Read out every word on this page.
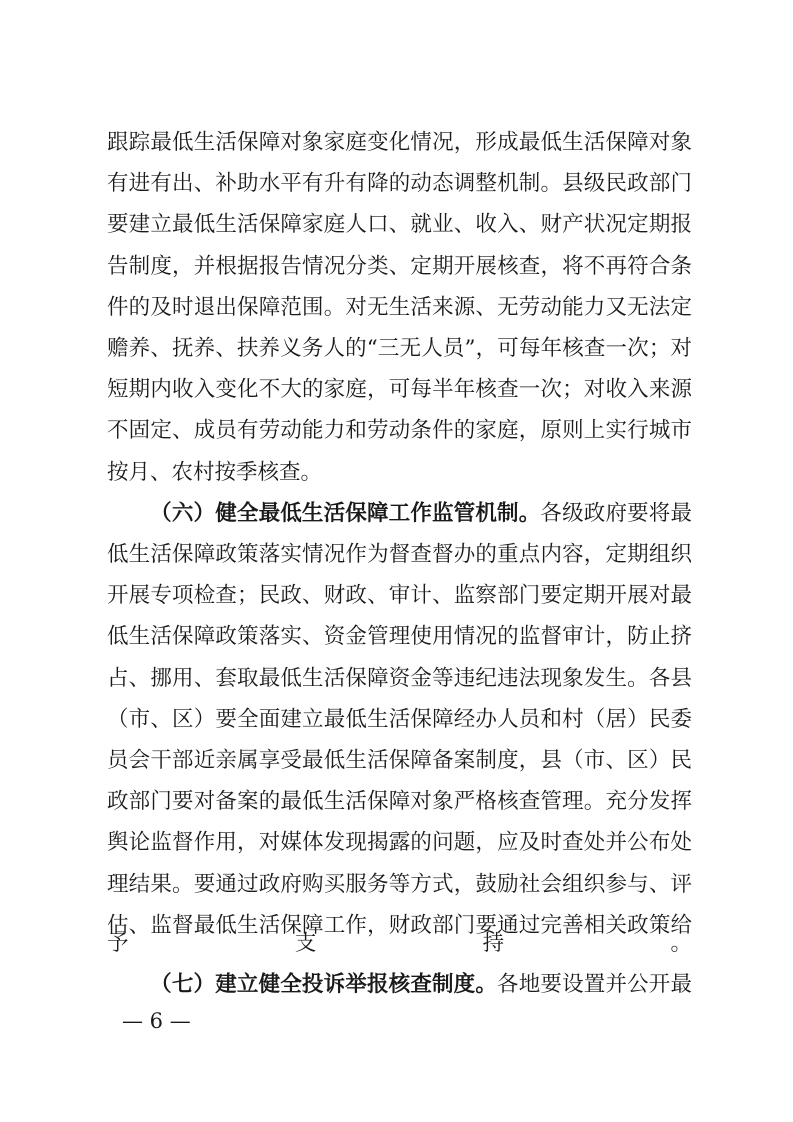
跟踪最低生活保障对象家庭变化情况，形成最低生活保障对象
有进有出、补助水平有升有降的动态调整机制。县级民政部门
要建立最低生活保障家庭人口、就业、收入、财产状况定期报
告制度，并根据报告情况分类、定期开展核查，将不再符合条
件的及时退出保障范围。对无生活来源、无劳动能力又无法定
赡养、抚养、扶养义务人的“三无人员”，可每年核查一次；对
短期内收入变化不大的家庭，可每半年核查一次；对收入来源
不固定、成员有劳动能力和劳动条件的家庭，原则上实行城市
按月、农村按季核查。
（六）健全最低生活保障工作监管机制。各级政府要将最
低生活保障政策落实情况作为督查督办的重点内容，定期组织
开展专项检查；民政、财政、审计、监察部门要定期开展对最
低生活保障政策落实、资金管理使用情况的监督审计，防止挤
占、挪用、套取最低生活保障资金等违纪违法现象发生。各县
（市、区）要全面建立最低生活保障经办人员和村（居）民委
员会干部近亲属享受最低生活保障备案制度，县（市、区）民
政部门要对备案的最低生活保障对象严格核查管理。充分发挥
舆论监督作用，对媒体发现揭露的问题，应及时查处并公布处
理结果。要通过政府购买服务等方式，鼓励社会组织参与、评
估、监督最低生活保障工作，财政部门要通过完善相关政策给
予支持。
（七）建立健全投诉举报核查制度。各地要设置并公开最
— 6 —
